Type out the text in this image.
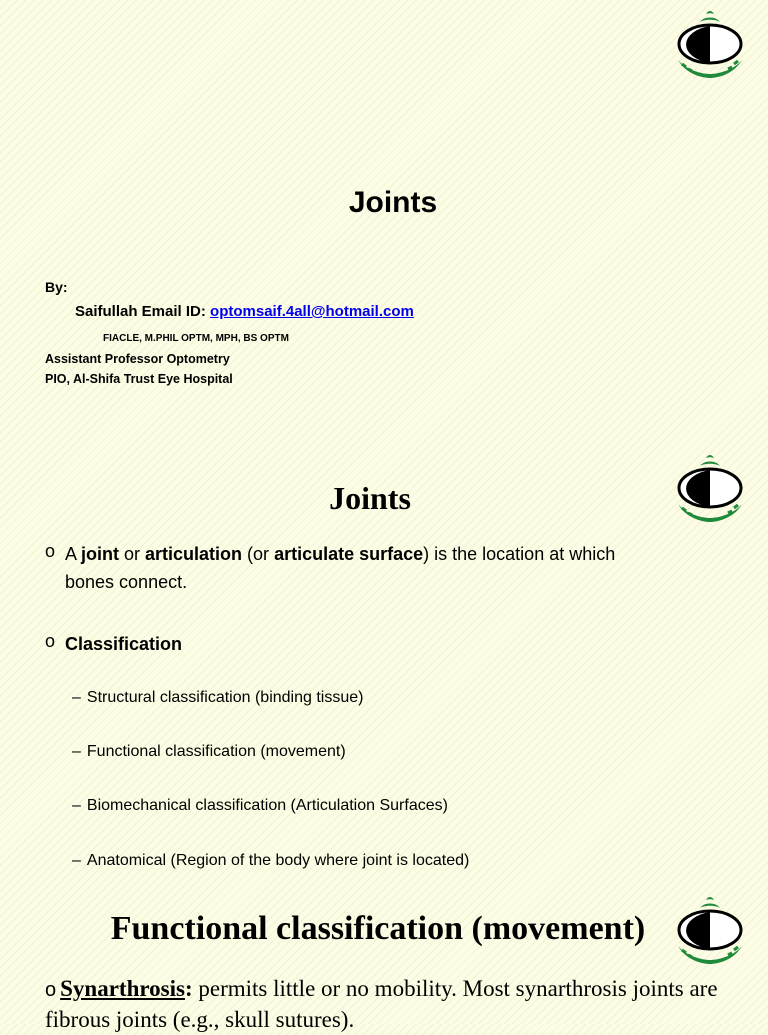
Joints
By:
Saifullah Email ID: optomsaif.4all@hotmail.com
FIACLE, M.PHIL OPTM, MPH, BS OPTM
Assistant Professor Optometry
PIO, Al-Shifa Trust Eye Hospital
Joints
o A joint or articulation (or articulate surface) is the location at which bones connect.
o Classification
– Structural classification (binding tissue)
– Functional classification (movement)
– Biomechanical classification (Articulation Surfaces)
– Anatomical (Region of the body where joint is located)
Functional classification (movement)
o Synarthrosis: permits little or no mobility. Most synarthrosis joints are fibrous joints (e.g., skull sutures).
